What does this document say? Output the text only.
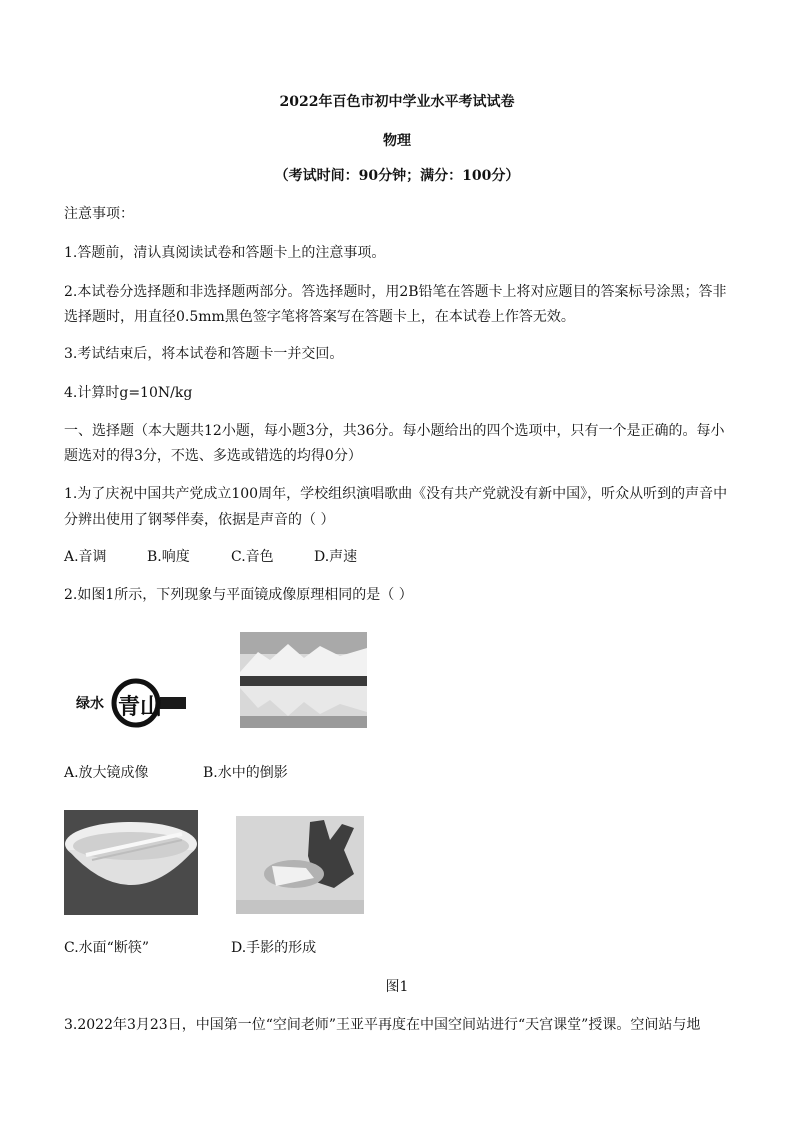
2022年百色市初中学业水平考试试卷
物理
（考试时间：90分钟；满分：100分）
注意事项：
1.答题前，清认真阅读试卷和答题卡上的注意事项。
2.本试卷分选择题和非选择题两部分。答选择题时，用2B铅笔在答题卡上将对应题目的答案标号涂黑；答非
选择题时，用直径0.5mm黑色签字笔将答案写在答题卡上，在本试卷上作答无效。
3.考试结束后，将本试卷和答题卡一并交回。
4.计算时g=10N/kg
一、选择题（本大题共12小题，每小题3分，共36分。每小题给出的四个选项中，只有一个是正确的。每小
题选对的得3分，不选、多选或错选的均得0分）
1.为了庆祝中国共产党成立100周年，学校组织演唱歌曲《没有共产党就没有新中国》，听众从听到的声音中
分辨出使用了钢琴伴奏，依据是声音的（ ）
A.音调	B.响度	C.音色	D.声速
2.如图1所示，下列现象与平面镜成像原理相同的是（ ）
绿水 青山
A.放大镜成像	B.水中的倒影
C.水面“断筷”	D.手影的形成
图1
3.2022年3月23日，中国第一位“空间老师”王亚平再度在中国空间站进行“天宫课堂”授课。空间站与地
